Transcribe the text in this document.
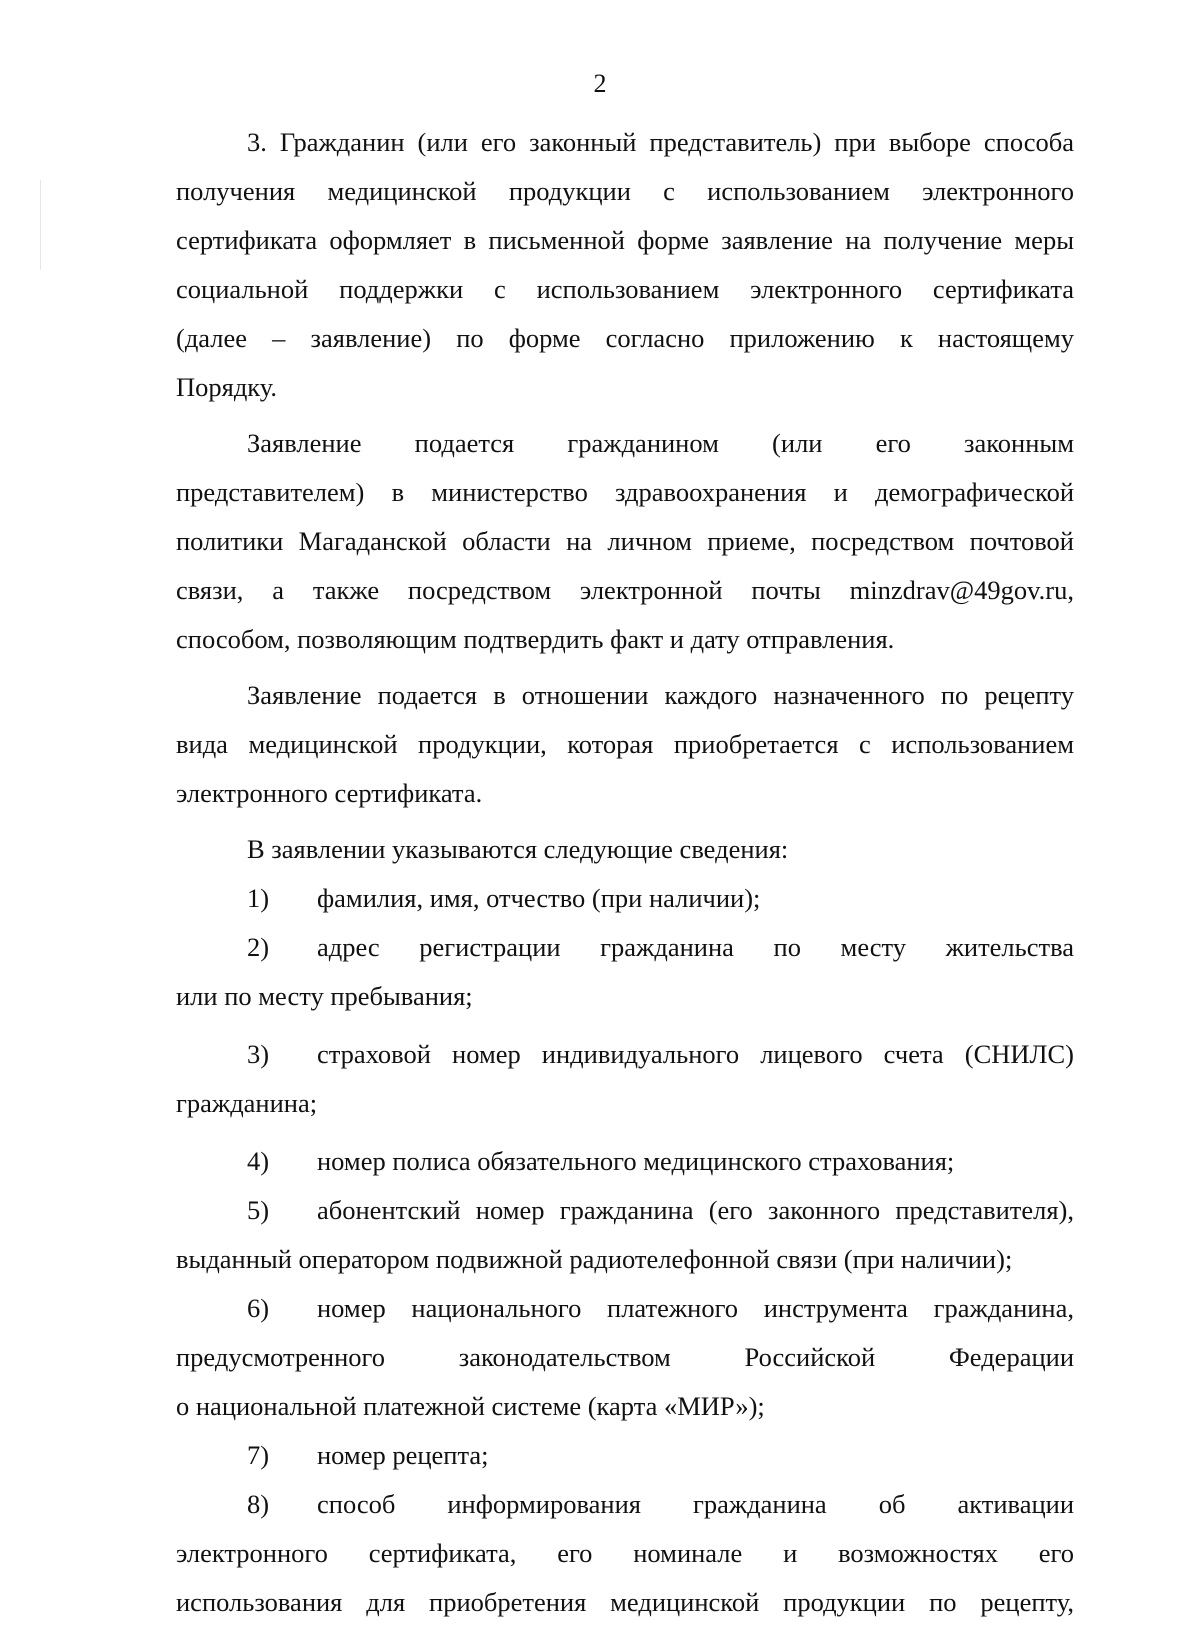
2
3. Гражданин (или его законный представитель) при выборе способа
получения медицинской продукции с использованием электронного
сертификата оформляет в письменной форме заявление на получение меры
социальной поддержки с использованием электронного сертификата
(далее – заявление) по форме согласно приложению к настоящему
Порядку.
Заявление подается гражданином (или его законным
представителем) в министерство здравоохранения и демографической
политики Магаданской области на личном приеме, посредством почтовой
связи, а также посредством электронной почты minzdrav@49gov.ru,
способом, позволяющим подтвердить факт и дату отправления.
Заявление подается в отношении каждого назначенного по рецепту
вида медицинской продукции, которая приобретается с использованием
электронного сертификата.
В заявлении указываются следующие сведения:
1) фамилия, имя, отчество (при наличии);
2)	адрес регистрации гражданина по месту жительства
или по месту пребывания;
3)	страховой номер индивидуального лицевого счета (СНИЛС)
гражданина;
4) номер полиса обязательного медицинского страхования;
5)	абонентский номер гражданина (его законного представителя),
выданный оператором подвижной радиотелефонной связи (при наличии);
6)	номер национального платежного инструмента гражданина,
предусмотренного законодательством Российской Федерации
о национальной платежной системе (карта «МИР»);
7) номер рецепта;
8)	способ информирования гражданина об активации
электронного сертификата, его номинале и возможностях его
использования для приобретения медицинской продукции по рецепту,
